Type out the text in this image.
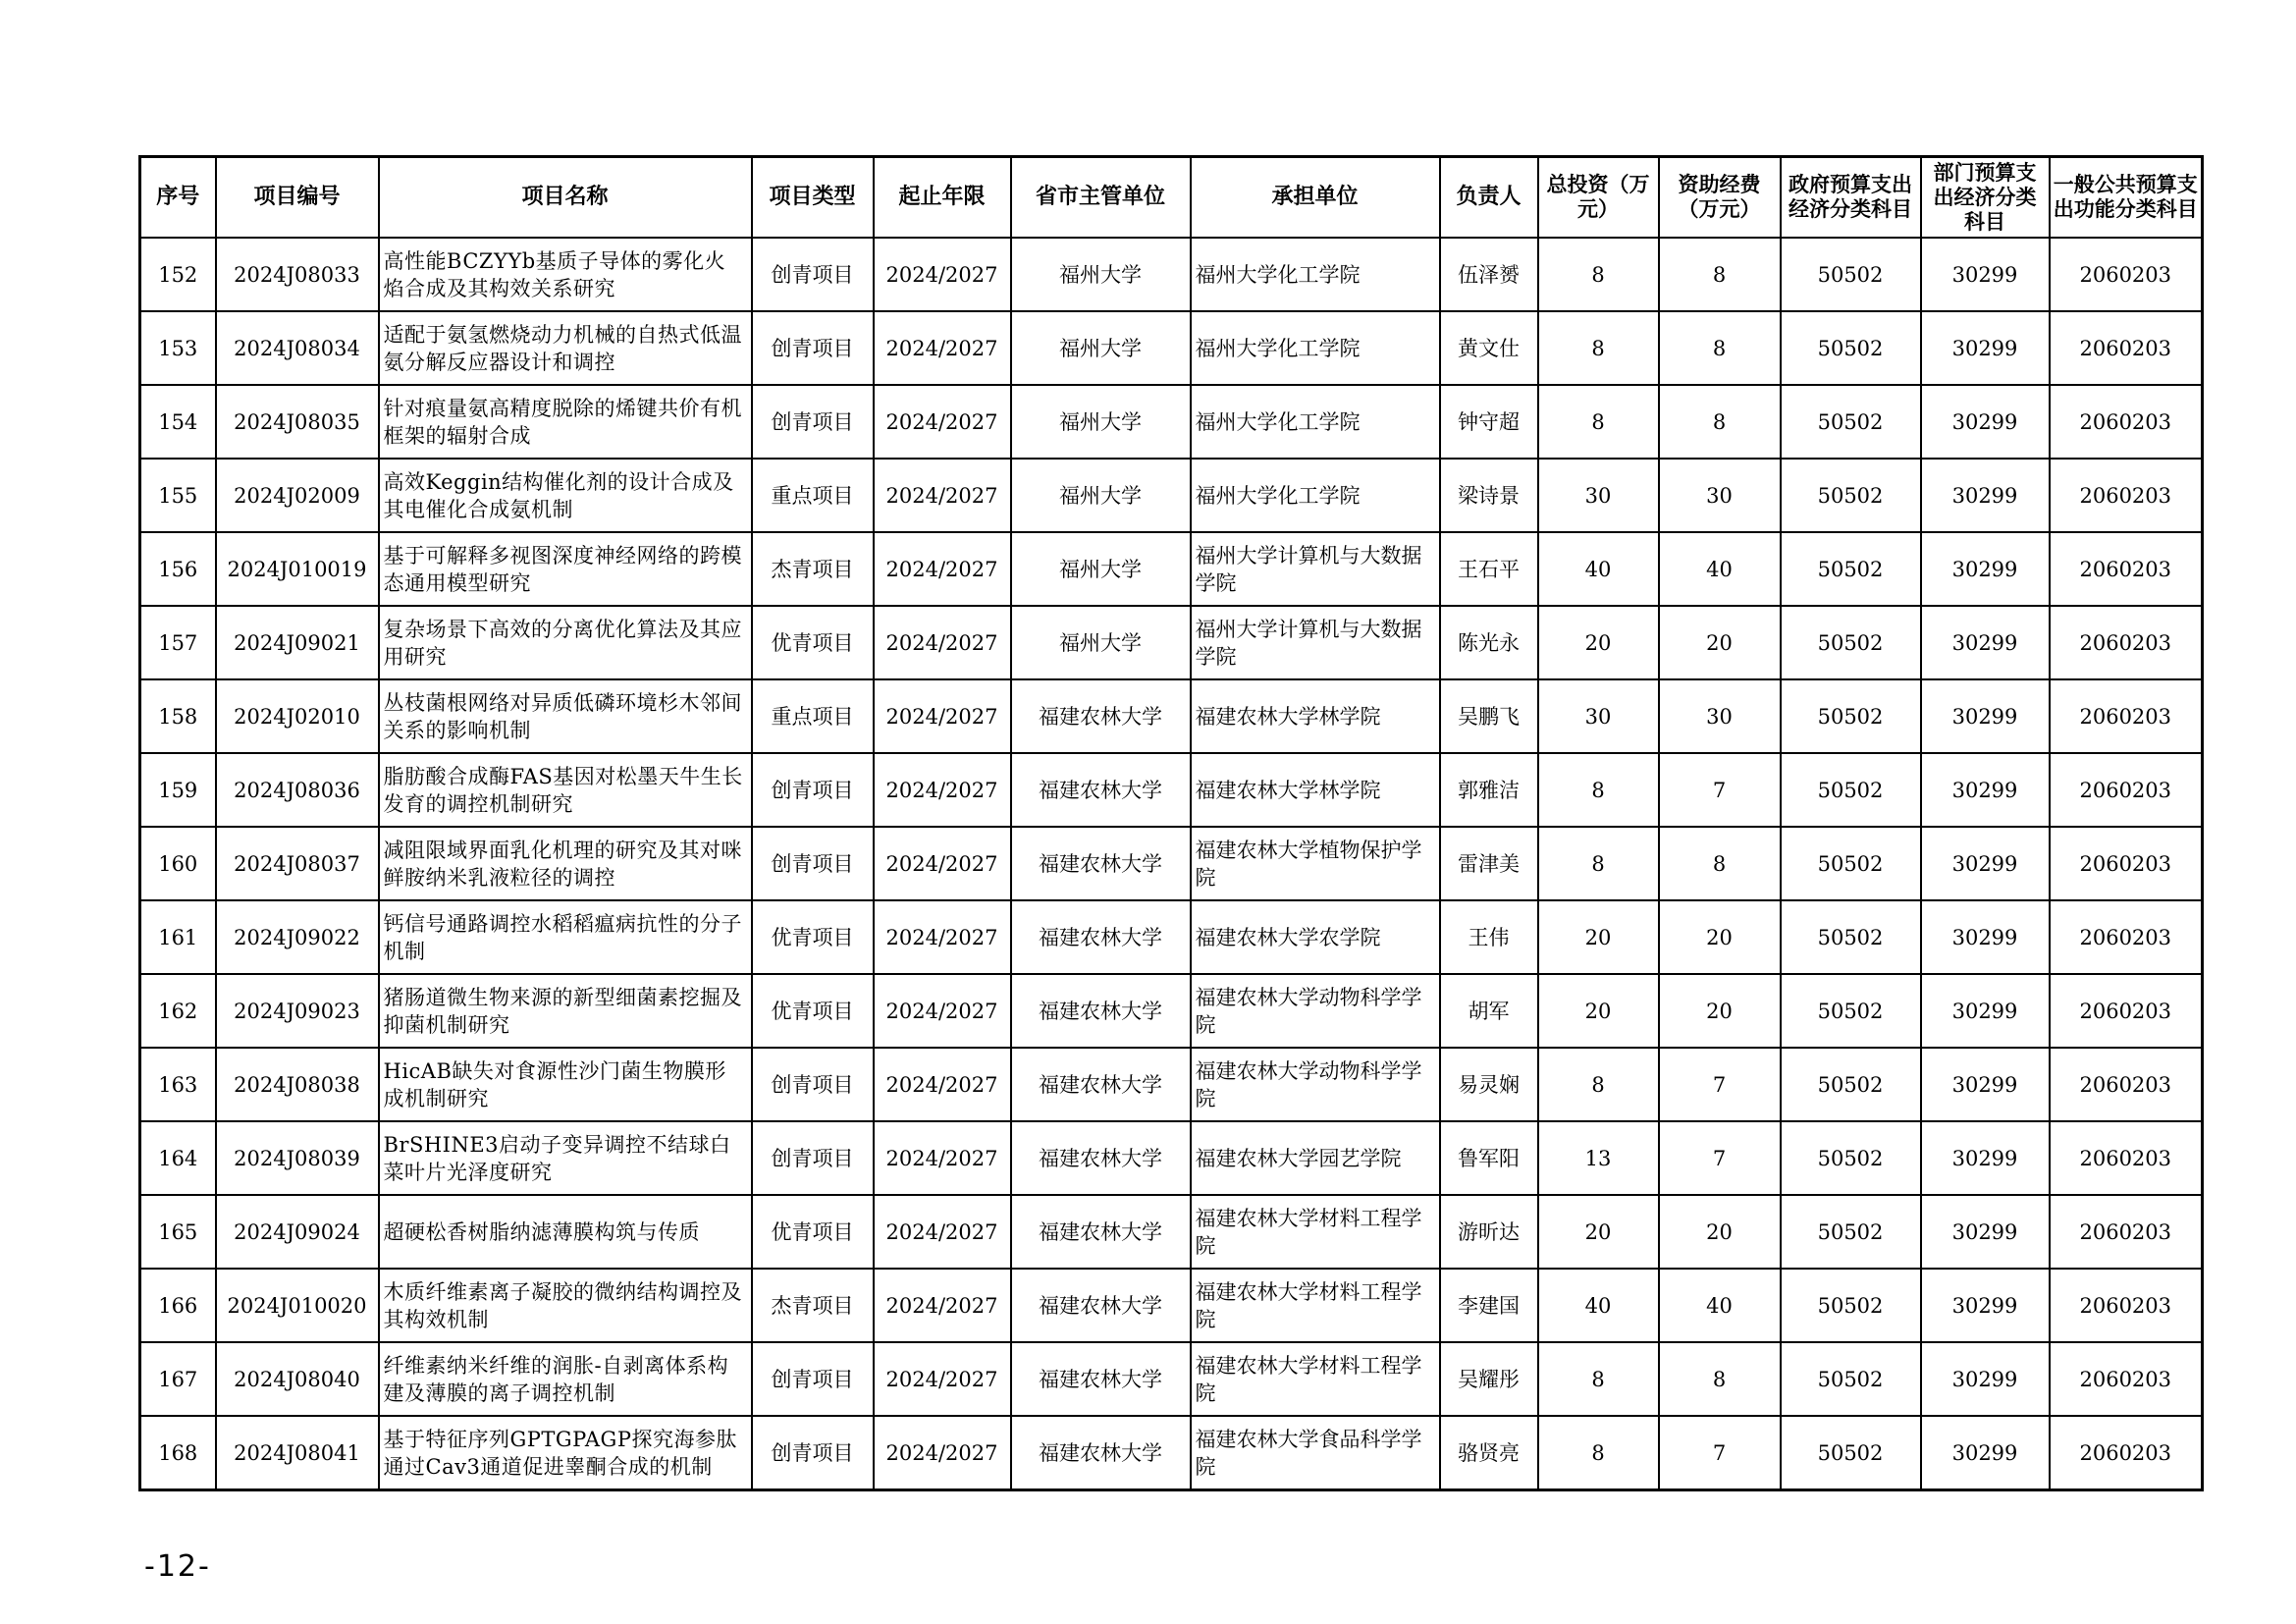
序号	项目编号	项目名称	项目类型	起止年限	省市主管单位	承担单位	负责人	总投资（万元）	资助经费（万元）	政府预算支出经济分类科目	部门预算支出经济分类科目	一般公共预算支出功能分类科目
152	2024J08033	高性能BCZYYb基质子导体的雾化火焰合成及其构效关系研究	创青项目	2024/2027	福州大学	福州大学化工学院	伍泽赟	8	8	50502	30299	2060203
153	2024J08034	适配于氨氢燃烧动力机械的自热式低温氨分解反应器设计和调控	创青项目	2024/2027	福州大学	福州大学化工学院	黄文仕	8	8	50502	30299	2060203
154	2024J08035	针对痕量氨高精度脱除的烯键共价有机框架的辐射合成	创青项目	2024/2027	福州大学	福州大学化工学院	钟守超	8	8	50502	30299	2060203
155	2024J02009	高效Keggin结构催化剂的设计合成及其电催化合成氨机制	重点项目	2024/2027	福州大学	福州大学化工学院	梁诗景	30	30	50502	30299	2060203
156	2024J010019	基于可解释多视图深度神经网络的跨模态通用模型研究	杰青项目	2024/2027	福州大学	福州大学计算机与大数据学院	王石平	40	40	50502	30299	2060203
157	2024J09021	复杂场景下高效的分离优化算法及其应用研究	优青项目	2024/2027	福州大学	福州大学计算机与大数据学院	陈光永	20	20	50502	30299	2060203
158	2024J02010	丛枝菌根网络对异质低磷环境杉木邻间关系的影响机制	重点项目	2024/2027	福建农林大学	福建农林大学林学院	吴鹏飞	30	30	50502	30299	2060203
159	2024J08036	脂肪酸合成酶FAS基因对松墨天牛生长发育的调控机制研究	创青项目	2024/2027	福建农林大学	福建农林大学林学院	郭雅洁	8	7	50502	30299	2060203
160	2024J08037	减阻限域界面乳化机理的研究及其对咪鲜胺纳米乳液粒径的调控	创青项目	2024/2027	福建农林大学	福建农林大学植物保护学院	雷津美	8	8	50502	30299	2060203
161	2024J09022	钙信号通路调控水稻稻瘟病抗性的分子机制	优青项目	2024/2027	福建农林大学	福建农林大学农学院	王伟	20	20	50502	30299	2060203
162	2024J09023	猪肠道微生物来源的新型细菌素挖掘及抑菌机制研究	优青项目	2024/2027	福建农林大学	福建农林大学动物科学学院	胡军	20	20	50502	30299	2060203
163	2024J08038	HicAB缺失对食源性沙门菌生物膜形成机制研究	创青项目	2024/2027	福建农林大学	福建农林大学动物科学学院	易灵娴	8	7	50502	30299	2060203
164	2024J08039	BrSHINE3启动子变异调控不结球白菜叶片光泽度研究	创青项目	2024/2027	福建农林大学	福建农林大学园艺学院	鲁军阳	13	7	50502	30299	2060203
165	2024J09024	超硬松香树脂纳滤薄膜构筑与传质	优青项目	2024/2027	福建农林大学	福建农林大学材料工程学院	游昕达	20	20	50502	30299	2060203
166	2024J010020	木质纤维素离子凝胶的微纳结构调控及其构效机制	杰青项目	2024/2027	福建农林大学	福建农林大学材料工程学院	李建国	40	40	50502	30299	2060203
167	2024J08040	纤维素纳米纤维的润胀-自剥离体系构建及薄膜的离子调控机制	创青项目	2024/2027	福建农林大学	福建农林大学材料工程学院	吴耀彤	8	8	50502	30299	2060203
168	2024J08041	基于特征序列GPTGPAGP探究海参肽通过Cav3通道促进睾酮合成的机制	创青项目	2024/2027	福建农林大学	福建农林大学食品科学学院	骆贤亮	8	7	50502	30299	2060203
-12-
